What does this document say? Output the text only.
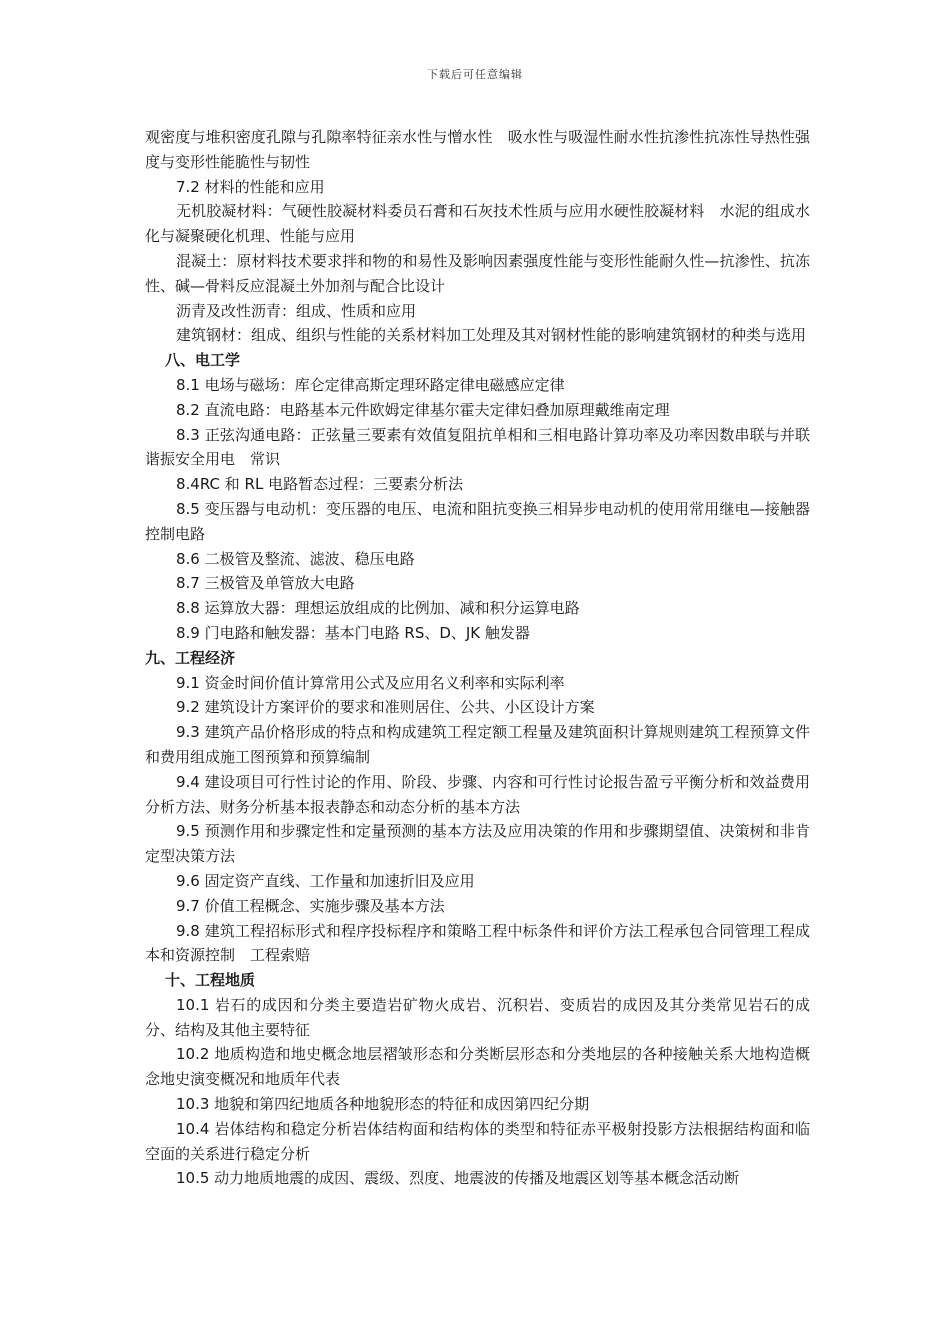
下载后可任意编辑

观密度与堆积密度孔隙与孔隙率特征亲水性与憎水性　吸水性与吸湿性耐水性抗渗性抗冻性导热性强度与变形性能脆性与韧性

7.2 材料的性能和应用

无机胶凝材料：气硬性胶凝材料委员石膏和石灰技术性质与应用水硬性胶凝材料　水泥的组成水化与凝聚硬化机理、性能与应用

混凝土：原材料技术要求拌和物的和易性及影响因素强度性能与变形性能耐久性—抗渗性、抗冻性、碱—骨料反应混凝土外加剂与配合比设计

沥青及改性沥青：组成、性质和应用

建筑钢材：组成、组织与性能的关系材料加工处理及其对钢材性能的影响建筑钢材的种类与选用

八、电工学

8.1 电场与磁场：库仑定律高斯定理环路定律电磁感应定律

8.2 直流电路：电路基本元件欧姆定律基尔霍夫定律妇叠加原理戴维南定理

8.3 正弦沟通电路：正弦量三要素有效值复阻抗单相和三相电路计算功率及功率因数串联与并联谐振安全用电　常识

8.4RC 和 RL 电路暂态过程：三要素分析法

8.5 变压器与电动机：变压器的电压、电流和阻抗变换三相异步电动机的使用常用继电—接触器控制电路

8.6 二极管及整流、滤波、稳压电路

8.7 三极管及单管放大电路

8.8 运算放大器：理想运放组成的比例加、减和积分运算电路

8.9 门电路和触发器：基本门电路 RS、D、JK 触发器

九、工程经济

9.1 资金时间价值计算常用公式及应用名义利率和实际利率

9.2 建筑设计方案评价的要求和准则居住、公共、小区设计方案

9.3 建筑产品价格形成的特点和构成建筑工程定额工程量及建筑面积计算规则建筑工程预算文件和费用组成施工图预算和预算编制

9.4 建设项目可行性讨论的作用、阶段、步骤、内容和可行性讨论报告盈亏平衡分析和效益费用分析方法、财务分析基本报表静态和动态分析的基本方法

9.5 预测作用和步骤定性和定量预测的基本方法及应用决策的作用和步骤期望值、决策树和非肯定型决策方法

9.6 固定资产直线、工作量和加速折旧及应用

9.7 价值工程概念、实施步骤及基本方法

9.8 建筑工程招标形式和程序投标程序和策略工程中标条件和评价方法工程承包合同管理工程成本和资源控制　工程索赔

十、工程地质

10.1 岩石的成因和分类主要造岩矿物火成岩、沉积岩、变质岩的成因及其分类常见岩石的成分、结构及其他主要特征

10.2 地质构造和地史概念地层褶皱形态和分类断层形态和分类地层的各种接触关系大地构造概念地史演变概况和地质年代表

10.3 地貌和第四纪地质各种地貌形态的特征和成因第四纪分期

10.4 岩体结构和稳定分析岩体结构面和结构体的类型和特征赤平极射投影方法根据结构面和临空面的关系进行稳定分析

10.5 动力地质地震的成因、震级、烈度、地震波的传播及地震区划等基本概念活动断
